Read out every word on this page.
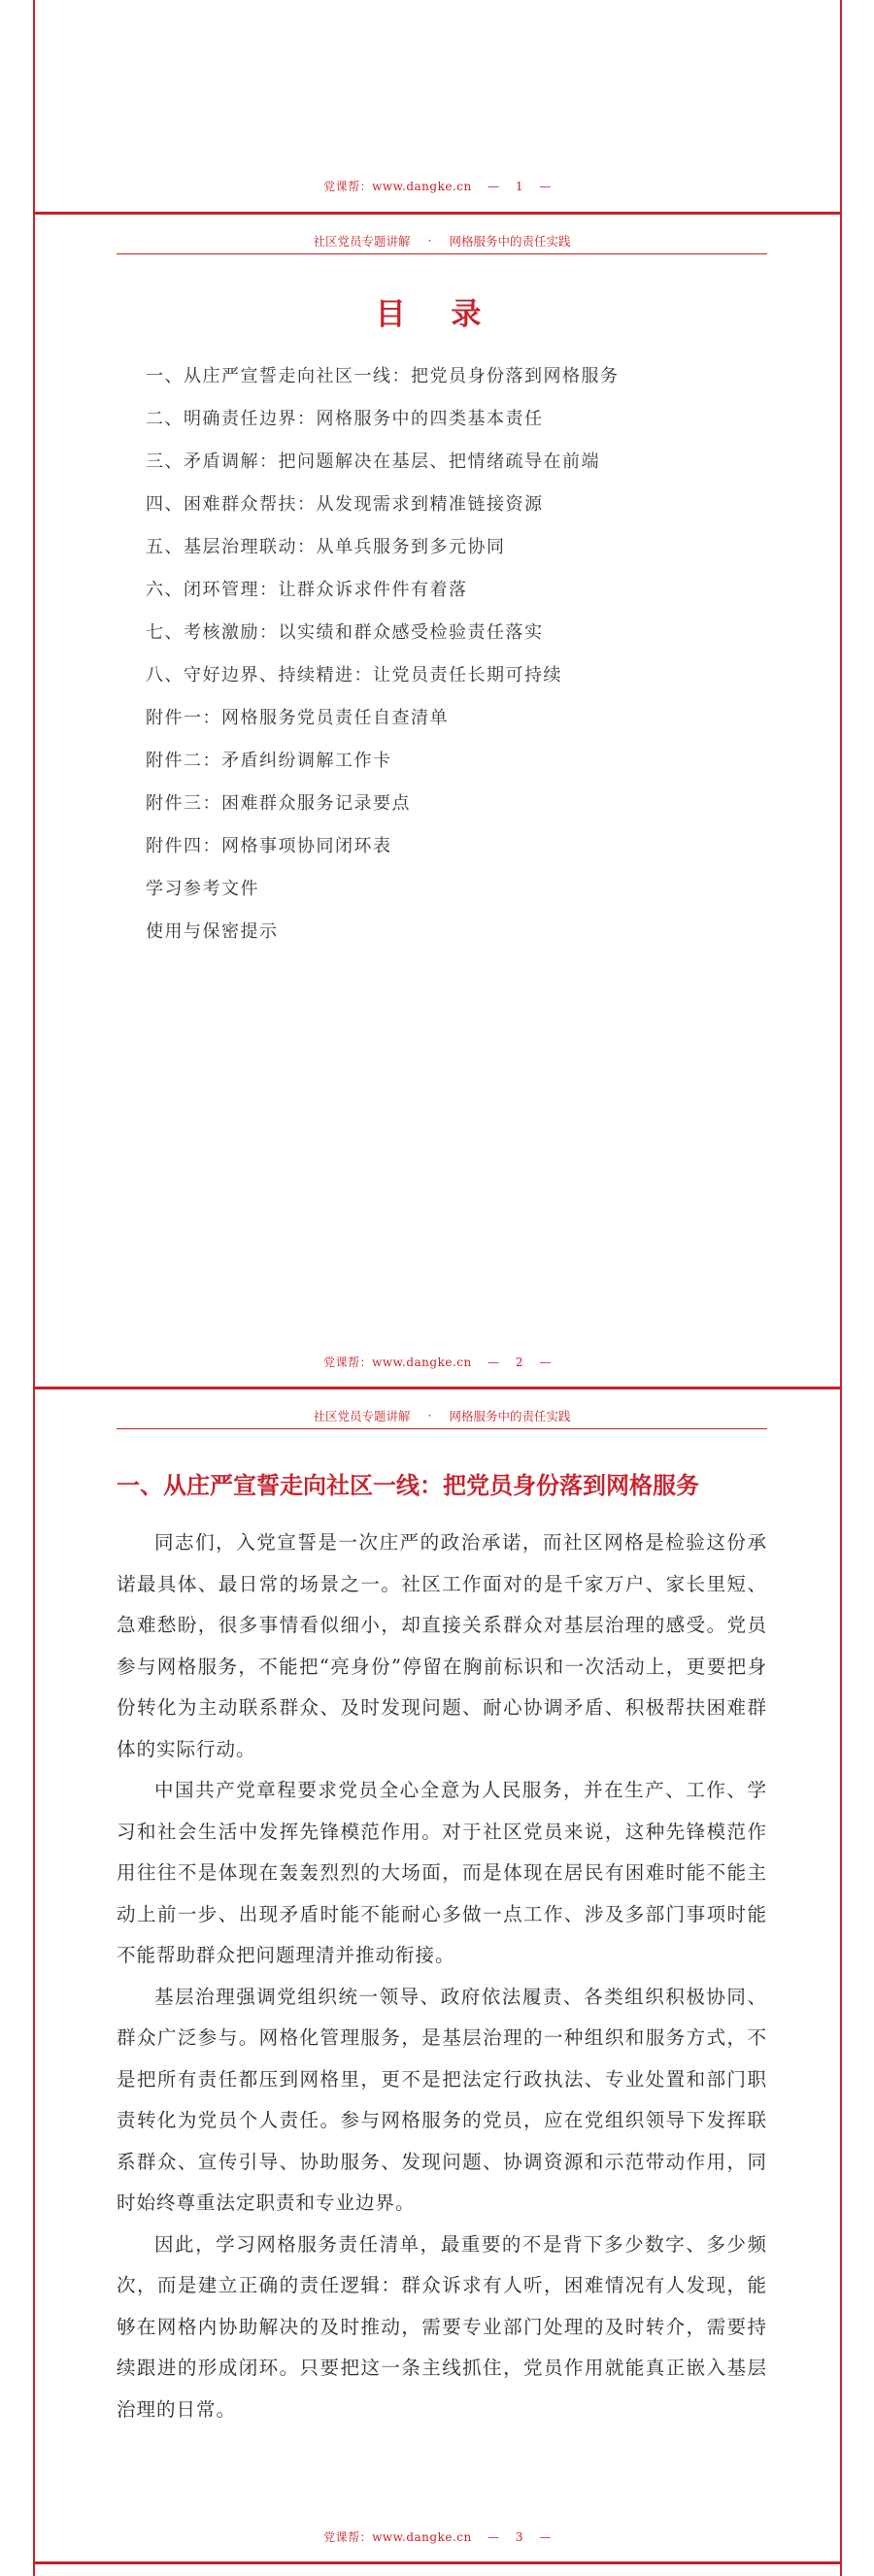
党课帮：www.dangke.cn — 1 —
社区党员专题讲解 · 网格服务中的责任实践
目 录
一、从庄严宣誓走向社区一线：把党员身份落到网格服务
二、明确责任边界：网格服务中的四类基本责任
三、矛盾调解：把问题解决在基层、把情绪疏导在前端
四、困难群众帮扶：从发现需求到精准链接资源
五、基层治理联动：从单兵服务到多元协同
六、闭环管理：让群众诉求件件有着落
七、考核激励：以实绩和群众感受检验责任落实
八、守好边界、持续精进：让党员责任长期可持续
附件一：网格服务党员责任自查清单
附件二：矛盾纠纷调解工作卡
附件三：困难群众服务记录要点
附件四：网格事项协同闭环表
学习参考文件
使用与保密提示
党课帮：www.dangke.cn — 2 —
社区党员专题讲解 · 网格服务中的责任实践
一、从庄严宣誓走向社区一线：把党员身份落到网格服务

同志们，入党宣誓是一次庄严的政治承诺，而社区网格是检验这份承诺最具体、最日常的场景之一。社区工作面对的是千家万户、家长里短、急难愁盼，很多事情看似细小，却直接关系群众对基层治理的感受。党员参与网格服务，不能把“亮身份”停留在胸前标识和一次活动上，更要把身份转化为主动联系群众、及时发现问题、耐心协调矛盾、积极帮扶困难群体的实际行动。

中国共产党章程要求党员全心全意为人民服务，并在生产、工作、学习和社会生活中发挥先锋模范作用。对于社区党员来说，这种先锋模范作用往往不是体现在轰轰烈烈的大场面，而是体现在居民有困难时能不能主动上前一步、出现矛盾时能不能耐心多做一点工作、涉及多部门事项时能不能帮助群众把问题理清并推动衔接。

基层治理强调党组织统一领导、政府依法履责、各类组织积极协同、群众广泛参与。网格化管理服务，是基层治理的一种组织和服务方式，不是把所有责任都压到网格里，更不是把法定行政执法、专业处置和部门职责转化为党员个人责任。参与网格服务的党员，应在党组织领导下发挥联系群众、宣传引导、协助服务、发现问题、协调资源和示范带动作用，同时始终尊重法定职责和专业边界。

因此，学习网格服务责任清单，最重要的不是背下多少数字、多少频次，而是建立正确的责任逻辑：群众诉求有人听，困难情况有人发现，能够在网格内协助解决的及时推动，需要专业部门处理的及时转介，需要持续跟进的形成闭环。只要把这一条主线抓住，党员作用就能真正嵌入基层治理的日常。

党课帮：www.dangke.cn — 3 —
